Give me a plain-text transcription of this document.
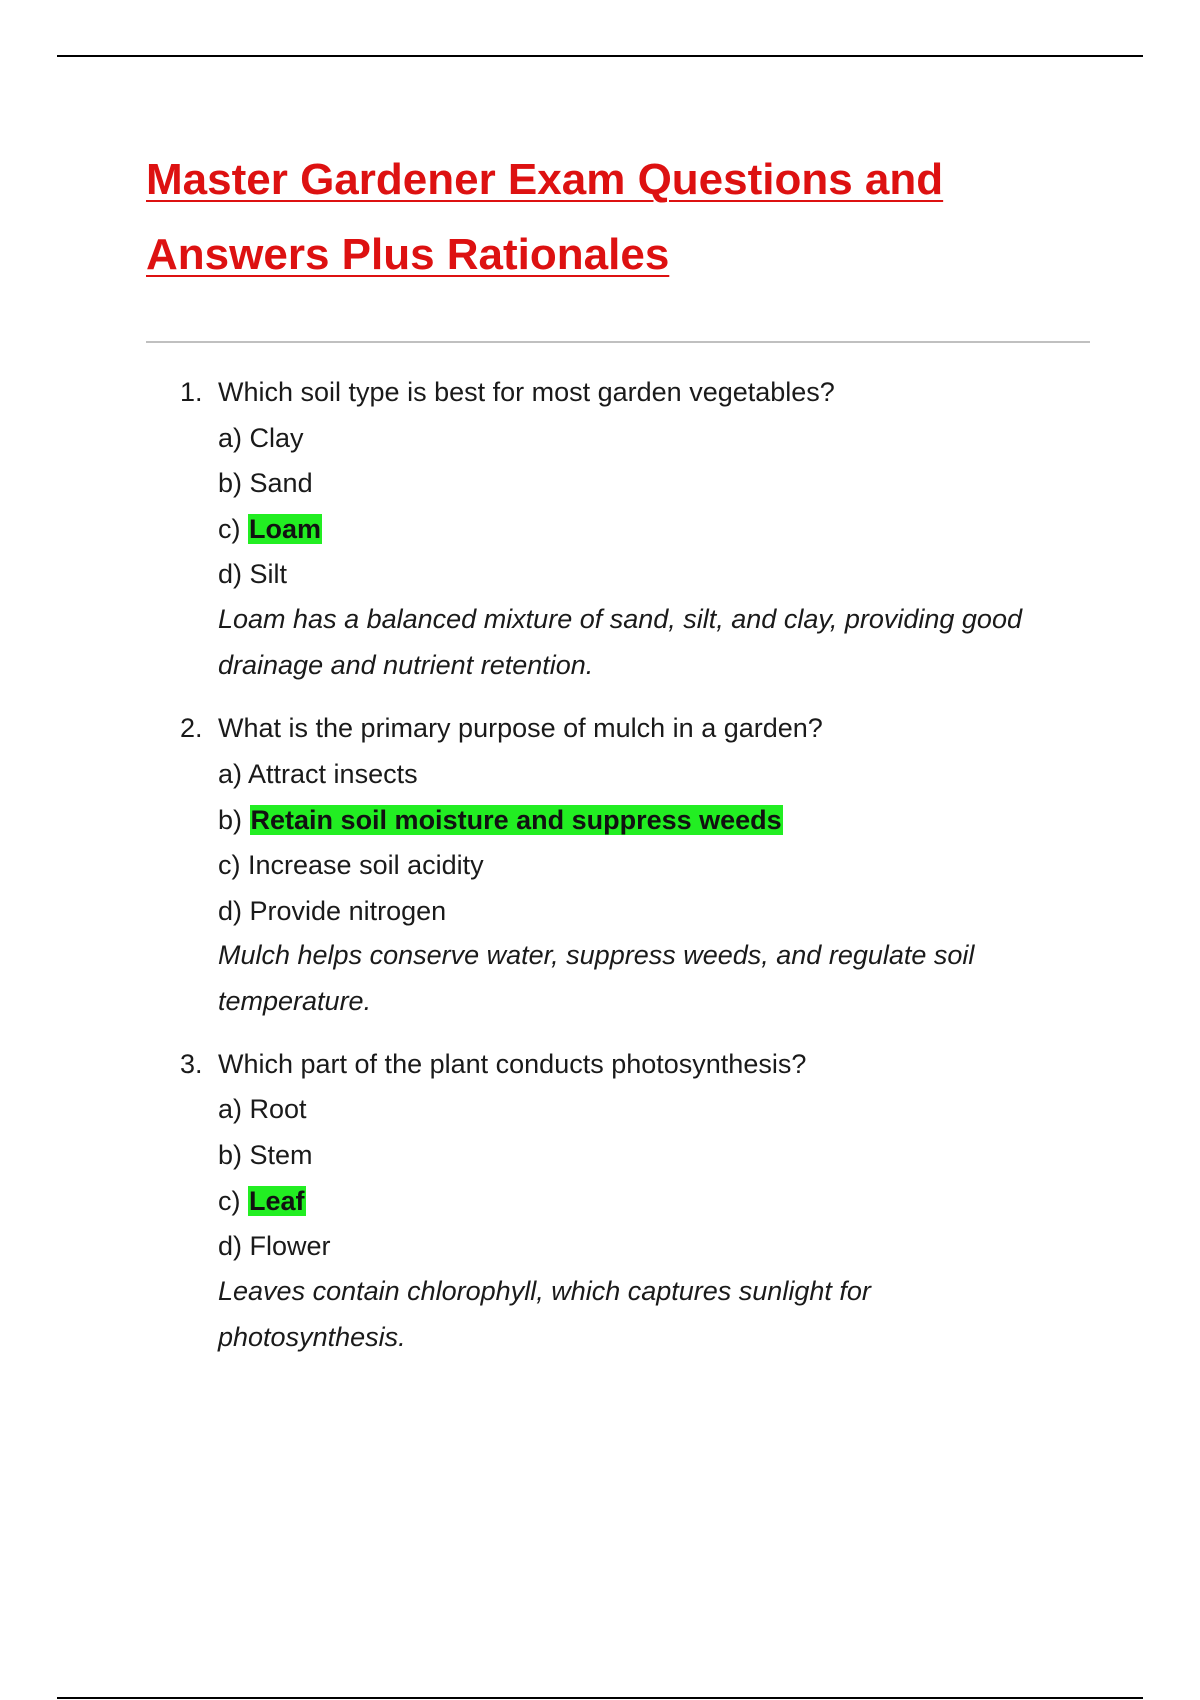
Master Gardener Exam Questions and
Answers Plus Rationales
1. Which soil type is best for most garden vegetables?
a) Clay
b) Sand
c) Loam
d) Silt
Loam has a balanced mixture of sand, silt, and clay, providing good drainage and nutrient retention.
2. What is the primary purpose of mulch in a garden?
a) Attract insects
b) Retain soil moisture and suppress weeds
c) Increase soil acidity
d) Provide nitrogen
Mulch helps conserve water, suppress weeds, and regulate soil temperature.
3. Which part of the plant conducts photosynthesis?
a) Root
b) Stem
c) Leaf
d) Flower
Leaves contain chlorophyll, which captures sunlight for photosynthesis.
